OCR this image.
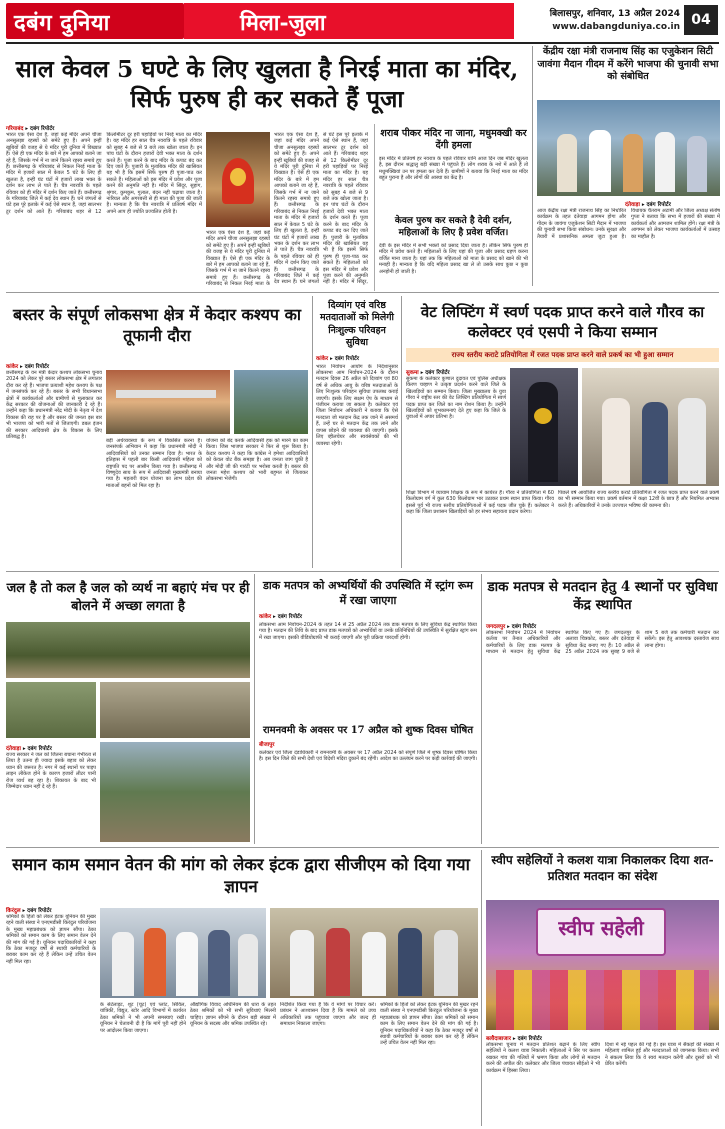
दबंग दुनिया	मिला-जुला	बिलासपुर, शनिवार, 13 अप्रैल 2024
www.dabangduniya.co.in 04
साल केवल 5 घण्टे के लिए खुलता है निरई माता का मंदिर, सिर्फ पुरुष ही कर सकते हैं पूजा
गरियाबंद ▸ दबंग रिपोर्टर
भारत एक ऐसा देश है, जहां कई मंदिर अपने चीजा अनसुलझा रहस्यों को समेटे हुए हैं। अपने इन्हीं खूबियों की वजह से ये मंदिर पूरी दुनिया में विख्यात हैं। ऐसे ही एक मंदिर के बारे में हम आपको बताने जा रहे हैं, जिसके गर्भ में ना जाने कितने रहस्य समाये हुए हैं। छत्तीसगढ़ के गरियाबंद से निकल निरई माता के मंदिर में हजारों साल में केवल 5 घंटे के लिए ही खुलता है, इन्हीं घंट घंटों में हजारों लाख भक्त के दर्शन कर लाभ ले पाते हैं। चैत्र नवरात्रि के पहले रविवार को ही मंदिर में दर्शन किए जाते हैं। छत्तीसगढ़ के गरियाबंद जिले में कई देव स्थान हैं। घने जंगलों से घंटे इस पूरे इलाके में कई ऐसे स्थान हैं, जहां सालभर टूर दर्शन को आते हैं। गरियाबंद शहर से 12 किलोमीटर दूर हरी पहाड़ियों पर निरई माता का मंदिर है। यह मंदिर हर साल चैत्र नवरात्रि के पहले रविवार को सुबह 4 बजे से 9 बजे तक खोला जाता है। इन पांच घंटों के दौरान हजारों देवी भक्त माता के दर्शन करते हैं। पूजा करने के बाद मंदिर के कपाट बंद कर दिए जाते हैं। पुजारी के मुताबिक मंदिर की खासियत यह भी है कि इसमें सिर्फ पुरुष ही पूजा-पाठ कर सकते हैं। महिलाओं को इस मंदिर में प्रवेश और पूजा करने की अनुमति नहीं है। मंदिर में सिंदूर, सुहाग, श्रृंगार, कुमकुम, गुलाल, बंदन नहीं चढ़ाया जाता है। नारियल और अगरबत्ती से ही माता की पूजा की जाती है। मान्यता है कि चैत्र नवरात्रि में प्रतिवर्ष मंदिर में अपने आप ही ज्योति प्रज्वलित होती है।
भारत एक ऐसा देश है, जहां कई मंदिर अपने चीजा अनसुलझा रहस्यों को समेटे हुए हैं। अपने इन्हीं खूबियों की वजह से ये मंदिर पूरी दुनिया में विख्यात हैं। ऐसे ही एक मंदिर के बारे में हम आपको बताने जा रहे हैं, जिसके गर्भ में ना जाने कितने रहस्य समाये हुए हैं। छत्तीसगढ़ के गरियाबंद से निकल निरई माता के
भारत एक ऐसा देश है, जहां कई मंदिर अपने चीजा अनसुलझा रहस्यों को समेटे हुए हैं। अपने इन्हीं खूबियों की वजह से ये मंदिर पूरी दुनिया में विख्यात हैं। ऐसे ही एक मंदिर के बारे में हम आपको बताने जा रहे हैं, जिसके गर्भ में ना जाने कितने रहस्य समाये हुए हैं। छत्तीसगढ़ के गरियाबंद से निकल निरई माता के मंदिर में हजारों साल में केवल 5 घंटे के लिए ही खुलता है, इन्हीं घंट घंटों में हजारों लाख भक्त के दर्शन कर लाभ ले पाते हैं। चैत्र नवरात्रि के पहले रविवार को ही मंदिर में दर्शन किए जाते हैं। छत्तीसगढ़ के गरियाबंद जिले में कई देव स्थान हैं। घने जंगलों से घंटे इस पूरे इलाके में कई ऐसे स्थान हैं, जहां सालभर टूर दर्शन को आते हैं। गरियाबंद शहर से 12 किलोमीटर दूर हरी पहाड़ियों पर निरई माता का मंदिर है। यह मंदिर हर साल चैत्र नवरात्रि के पहले रविवार को सुबह 4 बजे से 9 बजे तक खोला जाता है। इन पांच घंटों के दौरान हजारों देवी भक्त माता के दर्शन करते हैं। पूजा करने के बाद मंदिर के कपाट बंद कर दिए जाते हैं। पुजारी के मुताबिक मंदिर की खासियत यह भी है कि इसमें सिर्फ पुरुष ही पूजा-पाठ कर सकते हैं। महिलाओं को इस मंदिर में प्रवेश और पूजा करने की अनुमति नहीं है। मंदिर में सिंदूर,
शराब पीकर मंदिर ना जाना, मधुमक्खी कर देंगी हमला
इस मंदिर में प्रतिवर्ष हर नवरात्र के पहले रविवार यानि आज दिन जब मंदिर खुलता है, इस दौरान श्रद्धालु बड़ी संख्या में पहुंचते हैं। लोग शराब के नशे में आते हैं तो मधुमक्खियां उन पर हमला कर देती हैं। ग्रामीणों ने बताया कि निरई माता का मंदिर बहुत पुराना है और लोगों की आस्था का केंद्र है।
केवल पुरुष कर सकते है देवी दर्शन, महिलाओं के लिए है प्रवेश वर्जित।
देवी के इस मंदिर में सभी भक्तों को प्रसाद दिया जाता है। लेकिन सिर्फ पुरुष ही मंदिर में प्रवेश करते हैं। महिलाओं के लिए यहां की पूजा और प्रसाद ग्रहण करना वर्जित माना जाता है। यहां तक कि महिलाओं को माता के प्रसाद को खाने की भी मनाही है। मान्यता है कि यदि महिला प्रसाद खा ले तो उसके साथ कुछ न कुछ अनहोनी हो जाती है।
केंद्रीय रक्षा मंत्री राजनाथ सिंह का एजुकेशन सिटी जावंगा मैदान गीदम में करेंगे भाजपा की चुनावी सभा को संबोधित
दंतेवाड़ा ▸ दबंग रिपोर्टर
आज केंद्रीय रक्षा मंत्री राजनाथ सिंह का निर्धारित कार्यक्रम के तहत दंतेवाड़ा आगमन होगा और गीदम के जावंगा एजुकेशन सिटी मैदान में भाजपा की चुनावी सभा किया संबोधन। उनके सुरक्षा और तैयारी में प्रशासनिक अमला जुटा हुआ है। विधायक चैतराम अटामी और जिला अध्यक्ष संतोष गुप्ता ने बताया कि सभा में हजारों की संख्या में कार्यकर्ता और आमजन शामिल होंगे। रक्षा मंत्री के आगमन को लेकर भाजपा कार्यकर्ताओं में उत्साह का माहौल है।
बस्तर के संपूर्ण लोकसभा क्षेत्र में केदार कश्यप का तूफानी दौरा
कांकेर ▸ दबंग रिपोर्टर
छत्तीसगढ़ के वन मंत्री केदार कश्यप लोकसभा चुनाव 2024 को लेकर पूरे बस्तर लोकसभा क्षेत्र में लगातार दौरा कर रहे हैं। भाजपा प्रत्याशी महेश कश्यप के पक्ष में जनसंपर्क कर रहे हैं। बस्तर के सभी विधानसभा क्षेत्रों में कार्यकर्ताओं और ग्रामीणों से मुलाकात कर केंद्र सरकार की योजनाओं की जानकारी दे रहे हैं। उन्होंने कहा कि प्रधानमंत्री नरेंद्र मोदी के नेतृत्व में देश विकास की राह पर है और बस्तर की जनता इस बार भी भाजपा को भारी मतों से जिताएगी। डबल इंजन की सरकार आदिवासी क्षेत्र के विकास के लिए प्रतिबद्ध है।
बड़ी अर्थव्यवस्था के रूप में विकसित करना है। जनसंपर्क अभियान में कहा कि प्रधानमंत्री मोदी ने आदिवासियों को उनका सम्मान दिया है। भारत के इतिहास में पहली बार किसी आदिवासी महिला को राष्ट्रपति पद पर आसीन किया गया है। छत्तीसगढ़ में विष्णुदेव साय के रूप में आदिवासी मुख्यमंत्री बनाया गया है। महतारी वंदन योजना का लाभ प्रदेश की माताओं बहनों को मिल रहा है।
योजना को बंद करके आदिवासी हक को मारने का काम किया। जिस भाजपा सरकार ने फिर से शुरू किया है। केदार कश्यप ने कहा कि कांग्रेस ने हमेशा आदिवासियों को केवल वोट बैंक समझा है। अब जनता जाग चुकी है और मोदी जी की गारंटी पर भरोसा करती है। बस्तर की जनता महेश कश्यप को भारी बहुमत से जिताकर लोकसभा भेजेगी।
दिव्यांग एवं वरिष्ठ मतदाताओं को मिलेगी निःशुल्क परिवहन सुविधा
कांकेर ▸ दबंग रिपोर्टर
भारत निर्वाचन आयोग के निर्देशानुसार लोकसभा आम निर्वाचन-2024 के दौरान मतदान दिवस 26 अप्रैल को दिव्यांग एवं 80 वर्ष से अधिक आयु के वरिष्ठ मतदाताओं के लिए निःशुल्क परिवहन सुविधा उपलब्ध कराई जाएगी। इसके लिए सक्षम ऐप के माध्यम से पंजीयन कराया जा सकता है। कलेक्टर एवं जिला निर्वाचन अधिकारी ने बताया कि ऐसे मतदाता जो मतदान केंद्र तक जाने में असमर्थ हैं, उन्हें घर से मतदान केंद्र तक लाने और वापस छोड़ने की व्यवस्था की जाएगी। इसके लिए व्हीलचेयर और स्वयंसेवकों की भी व्यवस्था रहेगी।
वेट लिफ्टिंग में स्वर्ण पदक प्राप्त करने वाले गौरव का कलेक्टर एवं एसपी ने किया सम्मान
राज्य स्तरीय कराटे प्रतियोगिता में रजत पदक प्राप्त करने वाले प्रकर्ष का भी हुआ सम्मान
सुकमा ▸ दबंग रिपोर्टर
सुकमा के कलेक्टर कुणाल दुदावत एवं पुलिस अधीक्षक किरण चव्हाण ने उत्कृष्ट प्रदर्शन करने वाले जिले के खिलाड़ियों का सम्मान किया। जिला मुख्यालय के युवा गौरव ने राष्ट्रीय स्तर की वेट लिफ्टिंग प्रतियोगिता में स्वर्ण पदक प्राप्त कर जिले का नाम रोशन किया है। उन्होंने खिलाड़ियों को शुभकामनाएं देते हुए कहा कि जिले के युवाओं में अपार प्रतिभा है।
शिक्षा विभाग में व्यायाम शिक्षक के रूप में कार्यरत हैं। गौरव ने प्रतियोगिता में 60 किलोग्राम वर्ग में कुल 630 किलोग्राम भार उठाकर प्रथम स्थान प्राप्त किया। गौरव इससे पूर्व भी राज्य स्तरीय प्रतियोगिताओं में कई पदक जीत चुके हैं। कलेक्टर ने कहा कि जिला प्रशासन खिलाड़ियों को हर संभव सहायता प्रदान करेगा।
पिछले वर्ष आयोजित राज्य स्तरीय कराटे प्रतियोगिता में रजत पदक प्राप्त करने वाले प्रकर्ष का भी सम्मान किया गया। प्रकर्ष वर्तमान में कक्षा 12वीं के छात्र हैं और नियमित अभ्यास करते हैं। अधिकारियों ने उनके उज्ज्वल भविष्य की कामना की।
जल है तो कल है जल को व्यर्थ ना बहाएं मंच पर ही बोलने में अच्छा लगता है
दंतेवाड़ा ▸ दबंग रिपोर्टर
राज्य सरकार ने जल को जितना बचाना गंभीरता से लिया है उतना ही ज्यादा इसके बहाव को लेकर ध्यान की जरूरत है। नगर में कई स्थानों पर पाइप लाइन लीकेज होने के कारण हजारों लीटर पानी रोज व्यर्थ बह रहा है। शिकायत के बाद भी जिम्मेदार ध्यान नहीं दे रहे हैं।
डाक मतपत्र को अभ्यर्थियों की उपस्थिति में स्ट्रांग रूम में रखा जाएगा
कांकेर ▸ दबंग रिपोर्टर
लोकसभा आम निर्वाचन-2024 के तहत 14 से 25 अप्रैल 2024 तक डाक मतपत्र के लिए सुविधा केंद्र स्थापित किया गया है। मतदान की तिथि के बाद प्राप्त डाक मतपत्रों को अभ्यर्थियों या उनके प्रतिनिधियों की उपस्थिति में सुरक्षित स्ट्रांग रूम में रखा जाएगा। इसकी वीडियोग्राफी भी कराई जाएगी और पूरी प्रक्रिया पारदर्शी होगी।
रामनवमी के अवसर पर 17 अप्रैल को शुष्क दिवस घोषित
बीजापुर
कलेक्टर एवं जिला दंडाधिकारी ने रामनवमी के अवसर पर 17 अप्रैल 2024 को संपूर्ण जिले में शुष्क दिवस घोषित किया है। इस दिन जिले की सभी देशी एवं विदेशी मदिरा दुकानें बंद रहेंगी। आदेश का उल्लंघन करने पर कड़ी कार्रवाई की जाएगी।
डाक मतपत्र से मतदान हेतु 4 स्थानों पर सुविधा केंद्र स्थापित
जगदलपुर ▸ दबंग रिपोर्टर
लोकसभा निर्वाचन 2024 में निर्वाचन कर्तव्य पर तैनात अधिकारियों और कर्मचारियों के लिए डाक मतपत्र के माध्यम से मतदान हेतु सुविधा केंद्र स्थापित किए गए हैं। जगदलपुर के अलावा चित्रकोट, बस्तर और दंतेवाड़ा में सुविधा केंद्र बनाए गए हैं। 10 अप्रैल से 25 अप्रैल 2024 तक सुबह 9 बजे से शाम 5 बजे तक कर्मचारी मतदान कर सकेंगे। इस हेतु आवश्यक दस्तावेज साथ लाना होगा।
स्वीप सहेलियों ने कलश यात्रा निकालकर दिया शत-प्रतिशत मतदान का संदेश
स्वीप सहेली
बलौदाबाजार ▸ दबंग रिपोर्टर
लोकसभा चुनाव में मतदान प्रतिशत बढ़ाने के लिए स्वीप सहेलियों ने कलश यात्रा निकाली। महिलाओं ने सिर पर कलश रखकर गांव की गलियों में भ्रमण किया और लोगों से मतदान करने की अपील की। कलेक्टर और जिला पंचायत सीईओ ने भी कार्यक्रम में हिस्सा लिया।
दिशा में नई पहल की गई है। इस यात्रा में सैकड़ों की संख्या में महिलाएं शामिल हुईं और मतदाताओं को जागरूक किया। सभी ने संकल्प लिया कि वे स्वयं मतदान करेंगी और दूसरों को भी प्रेरित करेंगी।
समान काम समान वेतन की मांग को लेकर इंटक द्वारा सीजीएम को दिया गया ज्ञापन
किरंदुल ▸ दबंग रिपोर्टर
श्रमिकों के हितों को लेकर इंटक यूनियन की मुखर रहने वाली संस्था ने एनएमडीसी किरंदुल परियोजना के मुख्य महाप्रबंधक को ज्ञापन सौंपा। ठेका श्रमिकों को समान काम के लिए समान वेतन देने की मांग की गई है। यूनियन पदाधिकारियों ने कहा कि ठेका मजदूर वर्षों से स्थायी कर्मचारियों के बराबर काम कर रहे हैं लेकिन उन्हें उचित वेतन नहीं मिल रहा।
के सेटेलाइट, शूट (चूट) एवं प्लांट, सिविल, यांत्रिकी, विद्युत, स्टोर आदि विभागों में कार्यरत ठेका श्रमिकों ने भी अपनी समस्याएं रखीं। यूनियन ने चेतावनी दी है कि मांगें पूरी नहीं होने पर आंदोलन किया जाएगा।
औद्योगिक विवाद अधिनियम की धारा के तहत ठेका श्रमिकों को भी सभी सुविधाएं मिलनी चाहिए। ज्ञापन सौंपने के दौरान बड़ी संख्या में यूनियन के सदस्य और श्रमिक उपस्थित रहे।
निर्देशित किया गया है कि वे मांगों पर विचार करें। प्रबंधन ने आश्वासन दिया है कि मामले को उच्च अधिकारियों तक पहुंचाया जाएगा और जल्द ही समाधान निकाला जाएगा।
श्रमिकों के हितों को लेकर इंटक यूनियन की मुखर रहने वाली संस्था ने एनएमडीसी किरंदुल परियोजना के मुख्य महाप्रबंधक को ज्ञापन सौंपा। ठेका श्रमिकों को समान काम के लिए समान वेतन देने की मांग की गई है। यूनियन पदाधिकारियों ने कहा कि ठेका मजदूर वर्षों से स्थायी कर्मचारियों के बराबर काम कर रहे हैं लेकिन उन्हें उचित वेतन नहीं मिल रहा।
